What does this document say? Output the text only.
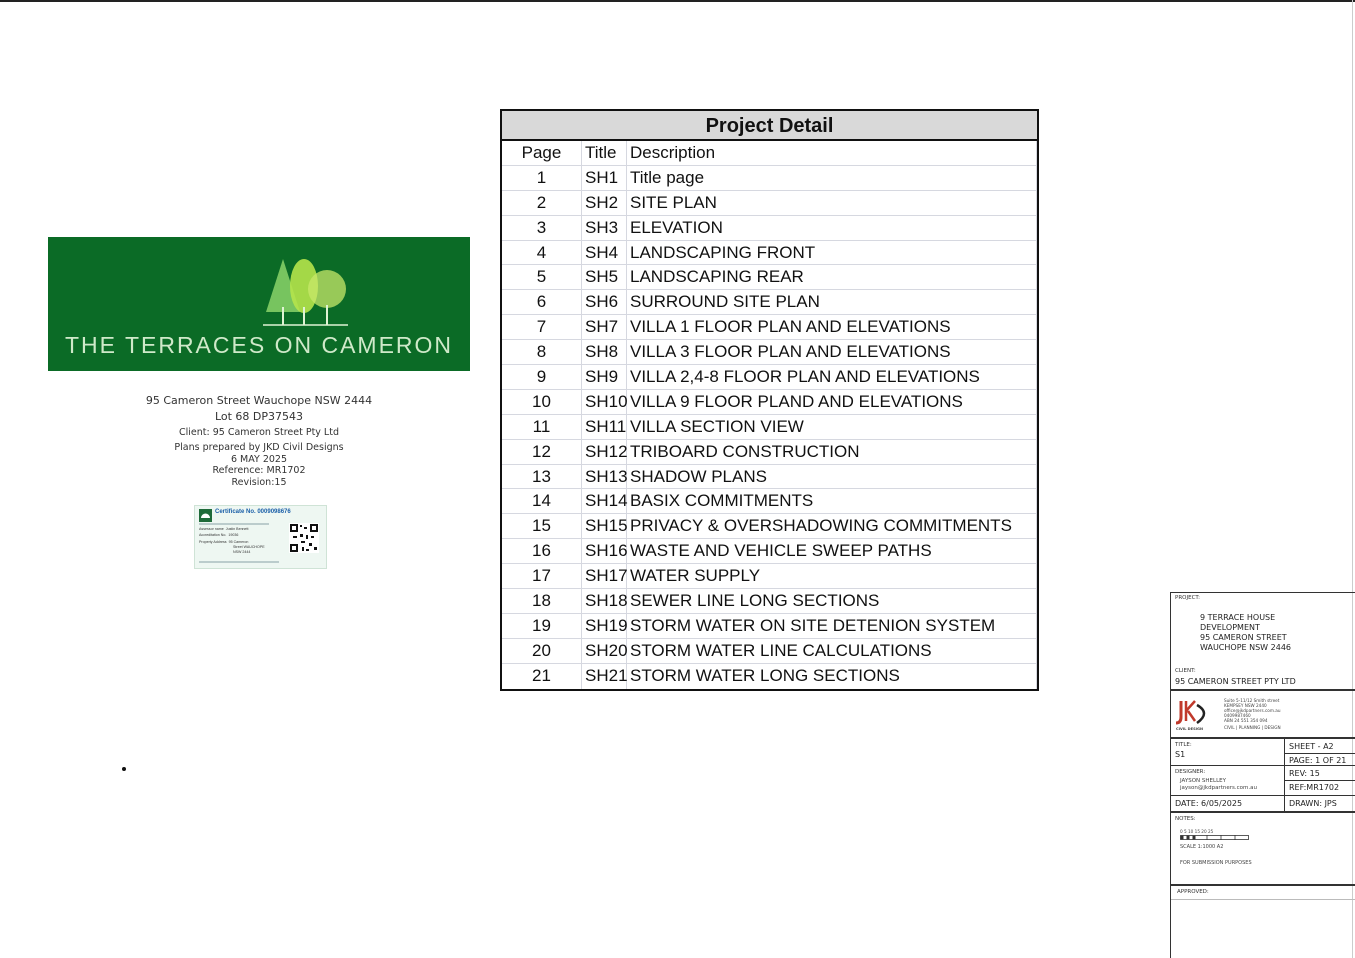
THE TERRACES ON CAMERON
95 Cameron Street Wauchope NSW 2444
Lot 68 DP37543
Client: 95 Cameron Street Pty Ltd
Plans prepared by JKD Civil Designs
6 MAY 2025
Reference: MR1702
Revision:15
Certificate No. 0009098676
Assessor name Justin Bennett
Accreditation No. 19036
Property Address 95 Cameron
Street WAUCHOPE
NSW 2444
Project Detail
Page	Title Description
1	SH1 Title page
2	SH2 SITE PLAN
3	SH3 ELEVATION
4	SH4 LANDSCAPING FRONT
5	SH5 LANDSCAPING REAR
6	SH6 SURROUND SITE PLAN
7	SH7 VILLA 1 FLOOR PLAN AND ELEVATIONS
8	SH8 VILLA 3 FLOOR PLAN AND ELEVATIONS
9	SH9 VILLA 2,4-8 FLOOR PLAN AND ELEVATIONS
10	SH10 VILLA 9 FLOOR PLAND AND ELEVATIONS
11	SH11 VILLA SECTION VIEW
12	SH12 TRIBOARD CONSTRUCTION
13	SH13 SHADOW PLANS
14	SH14 BASIX COMMITMENTS
15	SH15 PRIVACY & OVERSHADOWING COMMITMENTS
16	SH16 WASTE AND VEHICLE SWEEP PATHS
17	SH17 WATER SUPPLY
18	SH18 SEWER LINE LONG SECTIONS
19	SH19 STORM WATER ON SITE DETENION SYSTEM
20	SH20 STORM WATER LINE CALCULATIONS
21	SH21 STORM WATER LONG SECTIONS
PROJECT:
9 TERRACE HOUSE
DEVELOPMENT
95 CAMERON STREET
WAUCHOPE NSW 2446
CLIENT:
95 CAMERON STREET PTY LTD
CIVIL DESIGN
Suite 5-11/12 Smith street
KEMPSEY NSW 2440
office@jkdpartners.com.au
0409987460
ABN 24 551 354 094
CIVIL | PLANNING | DESIGN
TITLE:
S1
SHEET - A2
PAGE: 1 OF 21
DESIGNER:
JAYSON SHELLEY
jayson@jkdpartners.com.au
REV: 15
REF:MR1702
DATE: 6/05/2025	DRAWN: JPS
NOTES:
0 5 10 15 20 25
SCALE 1:1000 A2
FOR SUBMISSION PURPOSES
APPROVED:
